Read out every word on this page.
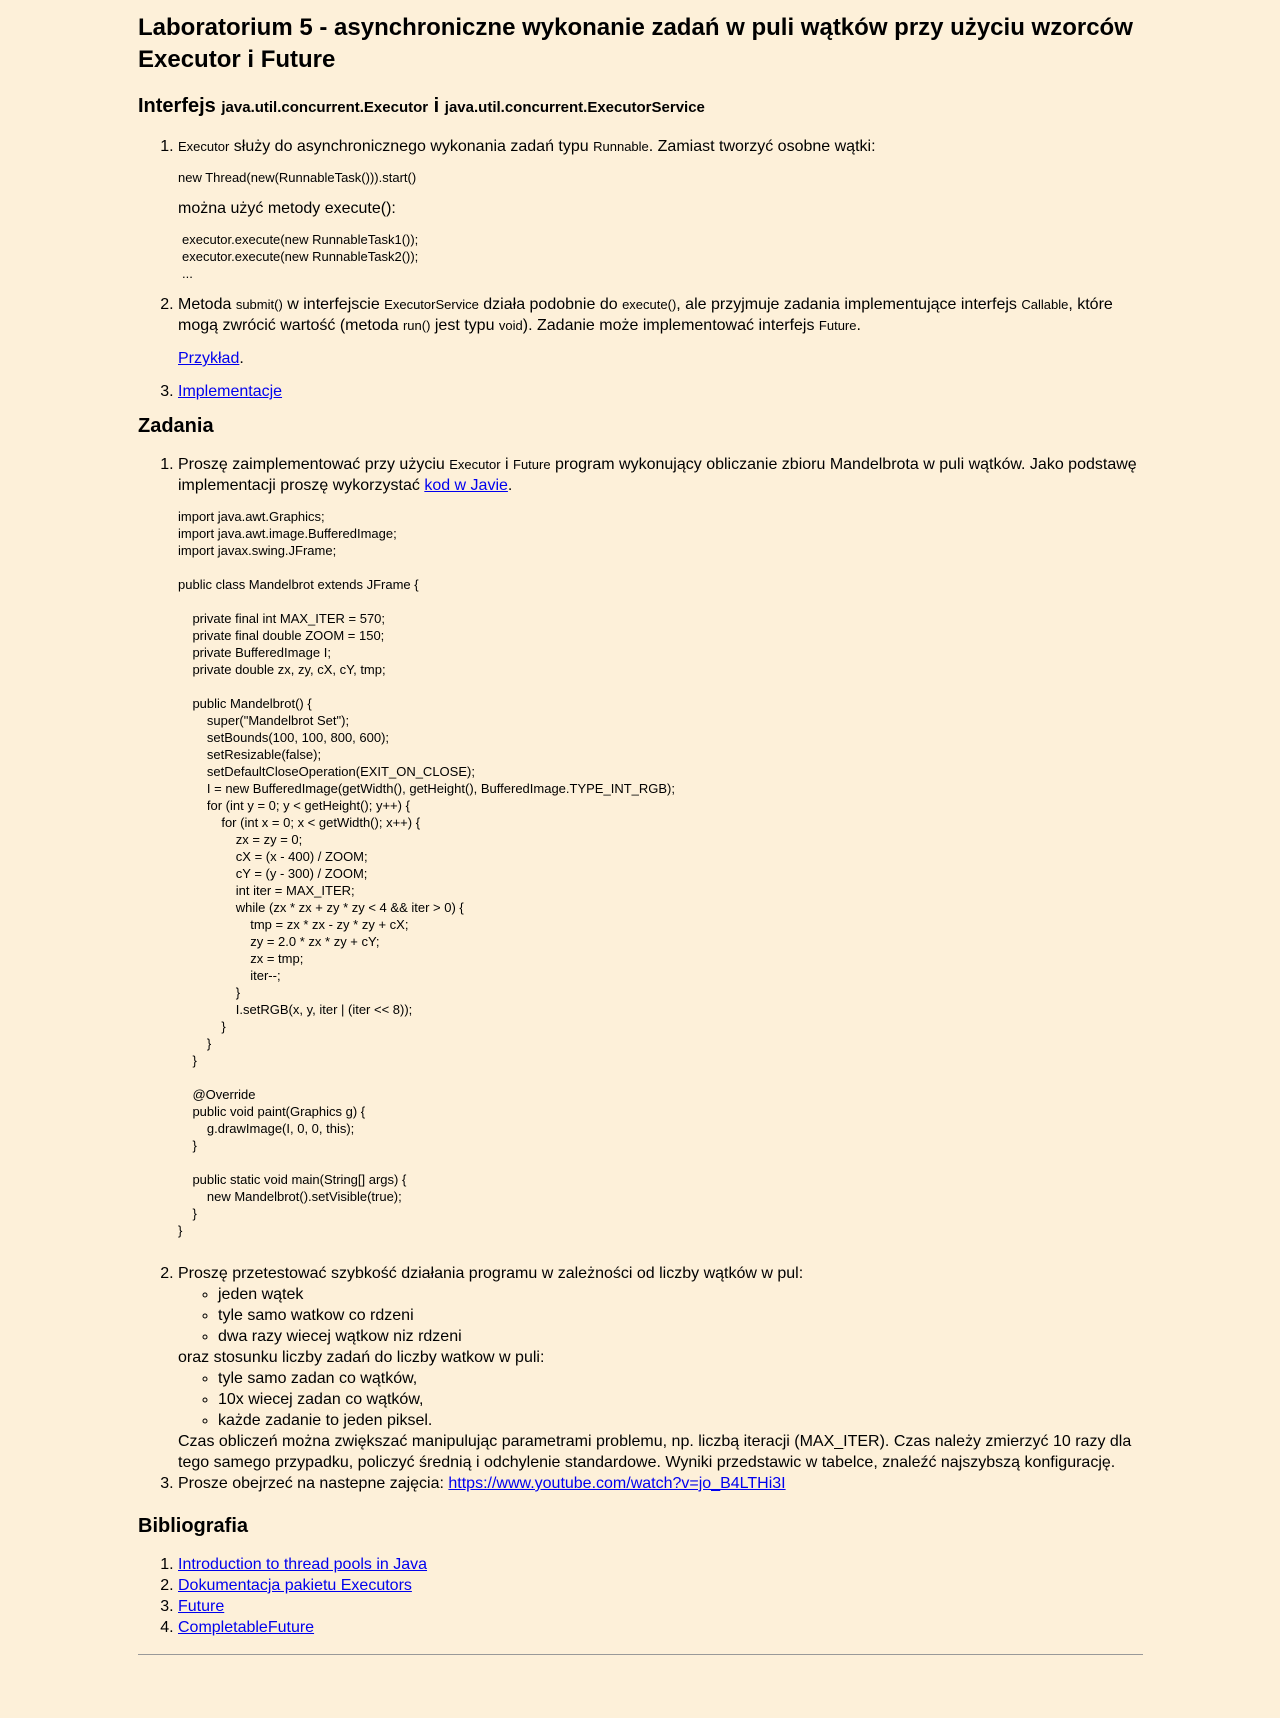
Laboratorium 5 - asynchroniczne wykonanie zadań w puli wątków przy użyciu wzorców Executor i Future
Interfejs java.util.concurrent.Executor i java.util.concurrent.ExecutorService

1. Executor służy do asynchronicznego wykonania zadań typu Runnable. Zamiast tworzyć osobne wątki:

new Thread(new(RunnableTask())).start()

można użyć metody execute():

executor.execute(new RunnableTask1());
executor.execute(new RunnableTask2());
...

2. Metoda submit() w interfejscie ExecutorService działa podobnie do execute(), ale przyjmuje zadania implementujące interfejs Callable, które mogą zwrócić wartość (metoda run() jest typu void). Zadanie może implementować interfejs Future.

Przykład.

3. Implementacje
Zadania

1. Proszę zaimplementować przy użyciu Executor i Future program wykonujący obliczanie zbioru Mandelbrota w puli wątków. Jako podstawę implementacji proszę wykorzystać kod w Javie.

import java.awt.Graphics;
import java.awt.image.BufferedImage;
import javax.swing.JFrame;

public class Mandelbrot extends JFrame {

private final int MAX_ITER = 570;
private final double ZOOM = 150;
private BufferedImage I;
private double zx, zy, cX, cY, tmp;

public Mandelbrot() {
super("Mandelbrot Set");
setBounds(100, 100, 800, 600);
setResizable(false);
setDefaultCloseOperation(EXIT_ON_CLOSE);
I = new BufferedImage(getWidth(), getHeight(), BufferedImage.TYPE_INT_RGB);
for (int y = 0; y < getHeight(); y++) {
for (int x = 0; x < getWidth(); x++) {
zx = zy = 0;
cX = (x - 400) / ZOOM;
cY = (y - 300) / ZOOM;
int iter = MAX_ITER;
while (zx * zx + zy * zy < 4 && iter > 0) {
tmp = zx * zx - zy * zy + cX;
zy = 2.0 * zx * zy + cY;
zx = tmp;
iter--;
}
I.setRGB(x, y, iter | (iter << 8));
}
}
}

@Override
public void paint(Graphics g) {
g.drawImage(I, 0, 0, this);
}

public static void main(String[] args) {
new Mandelbrot().setVisible(true);
}
}
2. Proszę przetestować szybkość działania programu w zależności od liczby wątków w pul:
◦ jeden wątek
◦ tyle samo watkow co rdzeni
◦ dwa razy wiecej wątkow niz rdzeni
oraz stosunku liczby zadań do liczby watkow w puli:
◦ tyle samo zadan co wątków,
◦ 10x wiecej zadan co wątków,
◦ każde zadanie to jeden piksel.
Czas obliczeń można zwiększać manipulując parametrami problemu, np. liczbą iteracji (MAX_ITER). Czas należy zmierzyć 10 razy dla tego samego przypadku, policzyć średnią i odchylenie standardowe. Wyniki przedstawic w tabelce, znaleźć najszybszą konfigurację.
3. Prosze obejrzeć na nastepne zajęcia: https://www.youtube.com/watch?v=jo_B4LTHi3I
Bibliografia
1. Introduction to thread pools in Java
2. Dokumentacja pakietu Executors
3. Future
4. CompletableFuture
